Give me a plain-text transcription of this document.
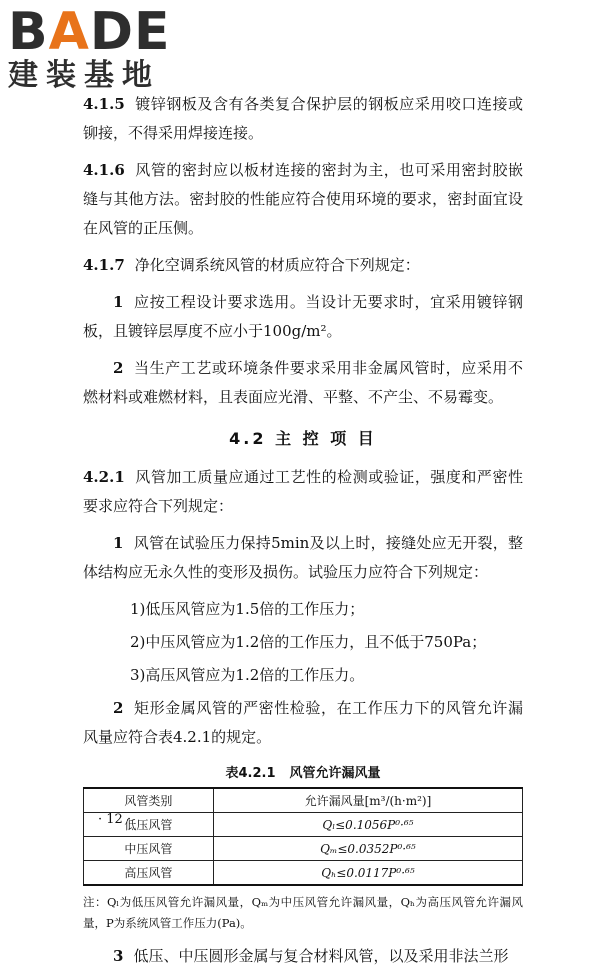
BADE
建装基地

4.1.5 镀锌钢板及含有各类复合保护层的钢板应采用咬口连接或铆接，不得采用焊接连接。

4.1.6 风管的密封应以板材连接的密封为主，也可采用密封胶嵌缝与其他方法。密封胶的性能应符合使用环境的要求，密封面宜设在风管的正压侧。

4.1.7 净化空调系统风管的材质应符合下列规定：

1 应按工程设计要求选用。当设计无要求时，宜采用镀锌钢板，且镀锌层厚度不应小于100g/m²。

2 当生产工艺或环境条件要求采用非金属风管时，应采用不燃材料或难燃材料，且表面应光滑、平整、不产尘、不易霉变。

4.2 主 控 项 目

4.2.1 风管加工质量应通过工艺性的检测或验证，强度和严密性要求应符合下列规定：

1 风管在试验压力保持5min及以上时，接缝处应无开裂，整体结构应无永久性的变形及损伤。试验压力应符合下列规定：

1)低压风管应为1.5倍的工作压力；

2)中压风管应为1.2倍的工作压力，且不低于750Pa；

3)高压风管应为1.2倍的工作压力。

2 矩形金属风管的严密性检验，在工作压力下的风管允许漏风量应符合表4.2.1的规定。

表4.2.1 风管允许漏风量
风管类别	允许漏风量[m³/(h·m²)]
低压风管	Qₗ≤0.1056P⁰·⁶⁵
中压风管	Qₘ≤0.0352P⁰·⁶⁵
高压风管	Qₕ≤0.0117P⁰·⁶⁵

注：Qₗ为低压风管允许漏风量，Qₘ为中压风管允许漏风量，Qₕ为高压风管允许漏风量，P为系统风管工作压力(Pa)。

3 低压、中压圆形金属与复合材料风管，以及采用非法兰形

· 12 ·
